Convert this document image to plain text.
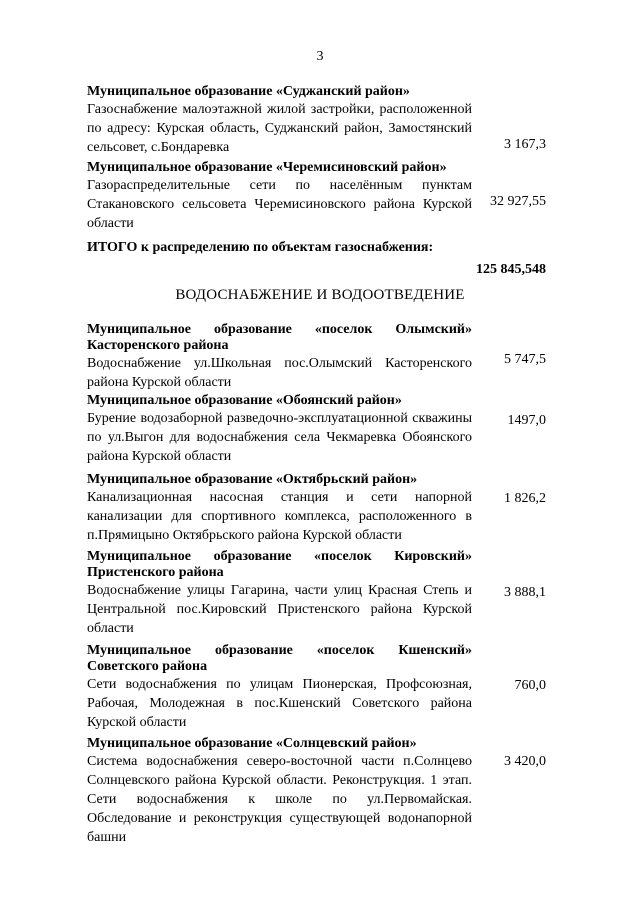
3
Муниципальное образование «Суджанский район»
Газоснабжение малоэтажной жилой застройки, расположенной по адресу: Курская область, Суджанский район, Замостянский сельсовет, с.Бондаревка	3 167,3
Муниципальное образование «Черемисиновский район»
Газораспределительные сети по населённым пунктам Стакановского сельсовета Черемисиновского района Курской области
32 927,55
ИТОГО к распределению по объектам газоснабжения:
125 845,548
ВОДОСНАБЖЕНИЕ И ВОДООТВЕДЕНИЕ
Муниципальное образование «поселок Олымский» Касторенского района
Водоснабжение ул.Школьная пос.Олымский Касторенского района Курской области
5 747,5
Муниципальное образование «Обоянский район»
Бурение водозаборной разведочно-эксплуатационной скважины по ул.Выгон для водоснабжения села Чекмаревка Обоянского района Курской области
1497,0
Муниципальное образование «Октябрьский район»
Канализационная насосная станция и сети напорной канализации для спортивного комплекса, расположенного в п.Прямицыно Октябрьского района Курской области
1 826,2
Муниципальное образование «поселок Кировский» Пристенского района
Водоснабжение улицы Гагарина, части улиц Красная Степь и Центральной пос.Кировский Пристенского района Курской области
3 888,1
Муниципальное образование «поселок Кшенский» Советского района
Сети водоснабжения по улицам Пионерская, Профсоюзная, Рабочая, Молодежная в пос.Кшенский Советского района Курской области
760,0
Муниципальное образование «Солнцевский район»
Система водоснабжения северо-восточной части п.Солнцево Солнцевского района Курской области. Реконструкция. 1 этап. Сети водоснабжения к школе по ул.Первомайская. Обследование и реконструкция существующей водонапорной башни
3 420,0
